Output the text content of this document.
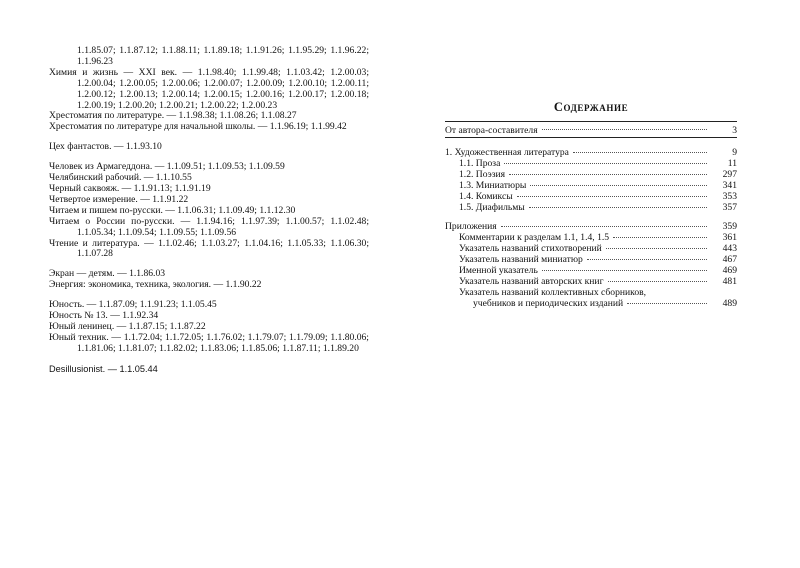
1.1.85.07; 1.1.87.12; 1.1.88.11; 1.1.89.18; 1.1.91.26; 1.1.95.29; 1.1.96.22; 1.1.96.23

Химия и жизнь — XXI век. — 1.1.98.40; 1.1.99.48; 1.1.03.42; 1.2.00.03; 1.2.00.04; 1.2.00.05; 1.2.00.06; 1.2.00.07; 1.2.00.09; 1.2.00.10; 1.2.00.11; 1.2.00.12; 1.2.00.13; 1.2.00.14; 1.2.00.15; 1.2.00.16; 1.2.00.17; 1.2.00.18; 1.2.00.19; 1.2.00.20; 1.2.00.21; 1.2.00.22; 1.2.00.23

Хрестоматия по литературе. — 1.1.98.38; 1.1.08.26; 1.1.08.27

Хрестоматия по литературе для начальной школы. — 1.1.96.19; 1.1.99.42

Цех фантастов. — 1.1.93.10

Человек из Армагеддона. — 1.1.09.51; 1.1.09.53; 1.1.09.59

Челябинский рабочий. — 1.1.10.55

Черный саквояж. — 1.1.91.13; 1.1.91.19

Четвертое измерение. — 1.1.91.22

Читаем и пишем по-русски. — 1.1.06.31; 1.1.09.49; 1.1.12.30

Читаем о России по-русски. — 1.1.94.16; 1.1.97.39; 1.1.00.57; 1.1.02.48; 1.1.05.34; 1.1.09.54; 1.1.09.55; 1.1.09.56

Чтение и литература. — 1.1.02.46; 1.1.03.27; 1.1.04.16; 1.1.05.33; 1.1.06.30; 1.1.07.28

Экран — детям. — 1.1.86.03

Энергия: экономика, техника, экология. — 1.1.90.22

Юность. — 1.1.87.09; 1.1.91.23; 1.1.05.45

Юность № 13. — 1.1.92.34

Юный ленинец. — 1.1.87.15; 1.1.87.22

Юный техник. — 1.1.72.04; 1.1.72.05; 1.1.76.02; 1.1.79.07; 1.1.79.09; 1.1.80.06; 1.1.81.06; 1.1.81.07; 1.1.82.02; 1.1.83.06; 1.1.85.06; 1.1.87.11; 1.1.89.20

Desillusionist. — 1.1.05.44

Содержание
От автора-составителя	3
1. Художественная литература	9
1.1. Проза	11
1.2. Поэзия	297
1.3. Миниатюры	341
1.4. Комиксы	353
1.5. Диафильмы	357
Приложения	359
Комментарии к разделам 1.1, 1.4, 1.5	361
Указатель названий стихотворений	443
Указатель названий миниатюр	467
Именной указатель	469
Указатель названий авторских книг	481
Указатель названий коллективных сборников,
учебников и периодических изданий	489
